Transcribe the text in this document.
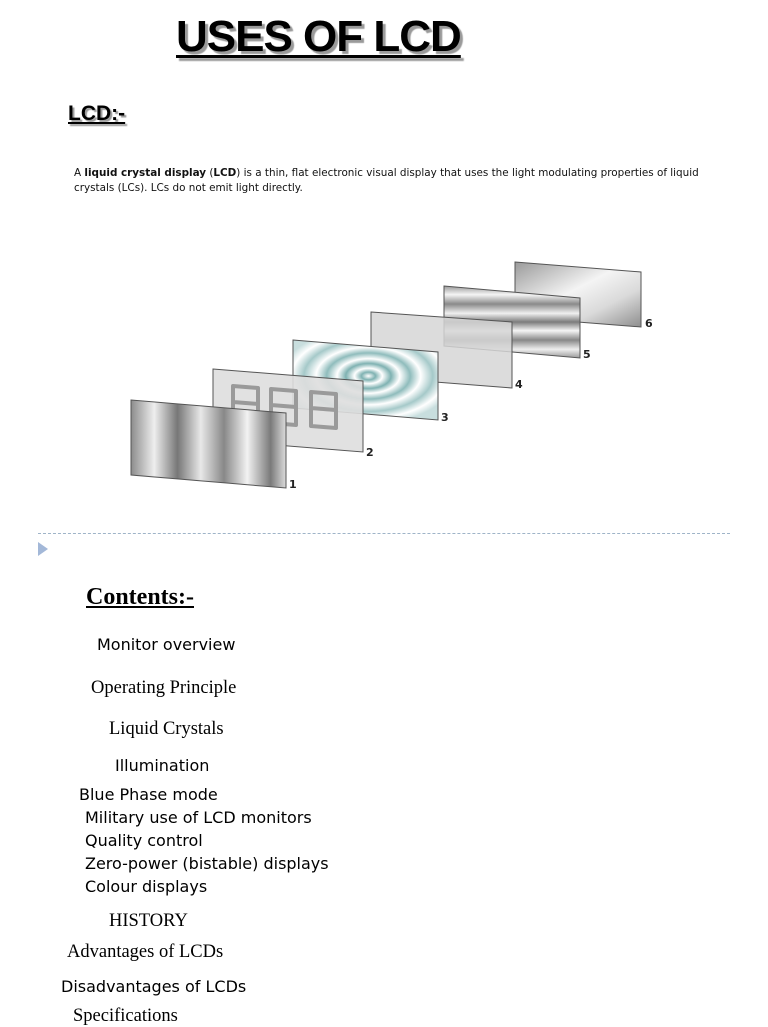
USES OF LCD
LCD:-
A liquid crystal display (LCD) is a thin, flat electronic visual display that uses the light modulating properties of liquid crystals (LCs). LCs do not emit light directly.
1
2
3
4
5
6
Contents:-
Monitor overview
Operating Principle
Liquid Crystals
Illumination
Blue Phase mode
Military use of LCD monitors
Quality control
Zero-power (bistable) displays
Colour displays
HISTORY
Advantages of LCDs
Disadvantages of LCDs
Specifications
